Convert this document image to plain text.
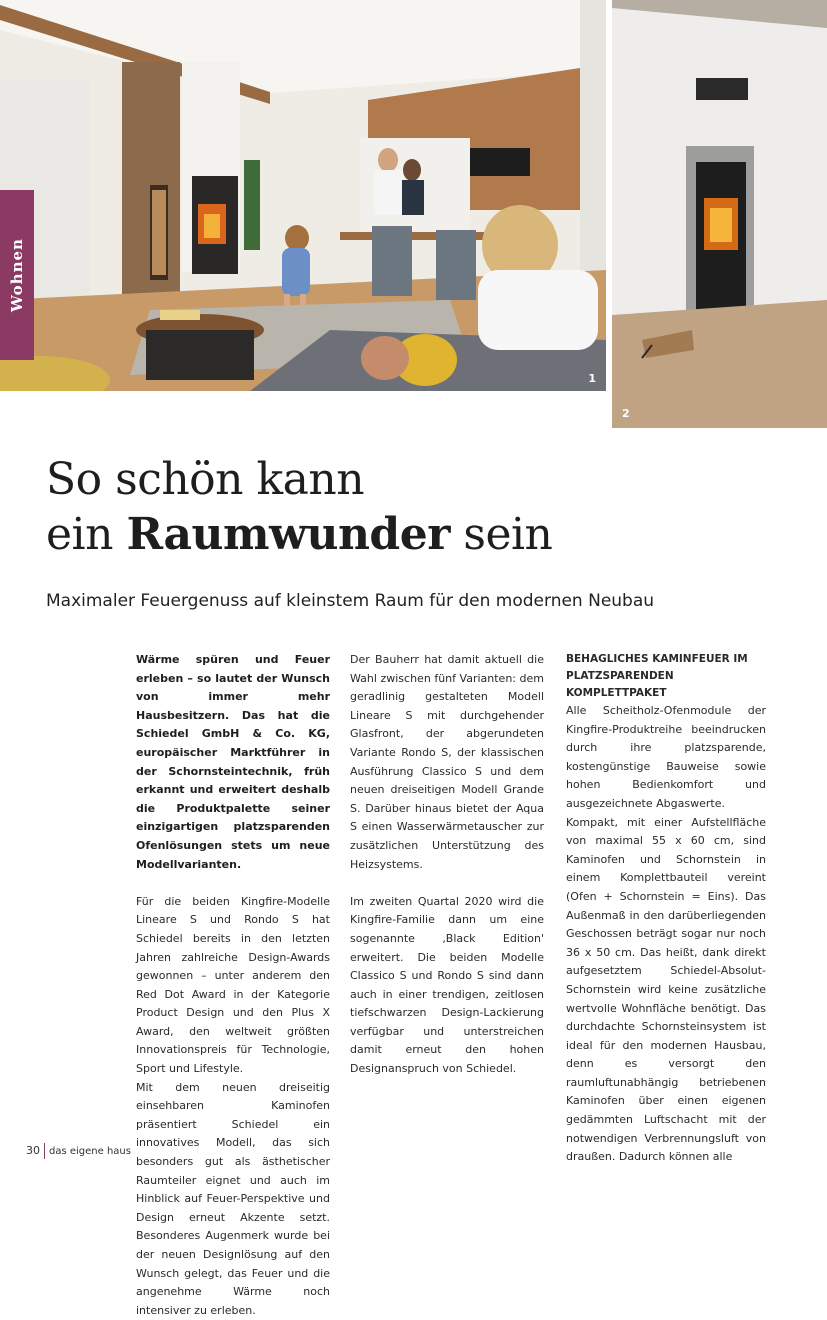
1
2
Wohnen
So schön kann
ein Raumwunder sein

Maximaler Feuergenuss auf kleinstem Raum für den modernen Neubau

Wärme spüren und Feuer erleben – so lautet der Wunsch von immer mehr Hausbesitzern. Das hat die Schiedel GmbH & Co. KG, europäischer Marktführer in der Schornsteintechnik, früh erkannt und erweitert deshalb die Produktpalette seiner einzigartigen platzsparenden Ofenlösungen stets um neue Modellvarianten.

Für die beiden Kingfire-Modelle Lineare S und Rondo S hat Schiedel bereits in den letzten Jahren zahlreiche Design-Awards gewonnen – unter anderem den Red Dot Award in der Kategorie Product Design und den Plus X Award, den weltweit größten Innovationspreis für Technologie, Sport und Lifestyle.

Mit dem neuen dreiseitig einsehbaren Kaminofen präsentiert Schiedel ein innovatives Modell, das sich besonders gut als ästhetischer Raumteiler eignet und auch im Hinblick auf Feuer-Perspektive und Design erneut Akzente setzt. Besonderes Augenmerk wurde bei der neuen Designlösung auf den Wunsch gelegt, das Feuer und die angenehme Wärme noch intensiver zu erleben.

Der Bauherr hat damit aktuell die Wahl zwischen fünf Varianten: dem geradlinig gestalteten Modell Lineare S mit durchgehender Glasfront, der abgerundeten Variante Rondo S, der klassischen Ausführung Classico S und dem neuen dreiseitigen Modell Grande S. Darüber hinaus bietet der Aqua S einen Wasserwärmetauscher zur zusätzlichen Unterstützung des Heizsystems.

Im zweiten Quartal 2020 wird die Kingfire-Familie dann um eine sogenannte ‚Black Edition' erweitert. Die beiden Modelle Classico S und Rondo S sind dann auch in einer trendigen, zeitlosen tiefschwarzen Design-Lackierung verfügbar und unterstreichen damit erneut den hohen Designanspruch von Schiedel.

BEHAGLICHES KAMINFEUER IM PLATZSPARENDEN KOMPLETTPAKET

Alle Scheitholz-Ofenmodule der Kingfire-Produktreihe beeindrucken durch ihre platzsparende, kostengünstige Bauweise sowie hohen Bedienkomfort und ausgezeichnete Abgaswerte.

Kompakt, mit einer Aufstellfläche von maximal 55 x 60 cm, sind Kaminofen und Schornstein in einem Komplettbauteil vereint (Ofen + Schornstein = Eins). Das Außenmaß in den darüberliegenden Geschossen beträgt sogar nur noch 36 x 50 cm. Das heißt, dank direkt aufgesetztem Schiedel-Absolut-Schornstein wird keine zusätzliche wertvolle Wohnfläche benötigt. Das durchdachte Schornsteinsystem ist ideal für den modernen Hausbau, denn es versorgt den raumluftunabhängig betriebenen Kaminofen über einen eigenen gedämmten Luftschacht mit der notwendigen Verbrennungsluft von draußen. Dadurch können alle

30 das eigene haus
